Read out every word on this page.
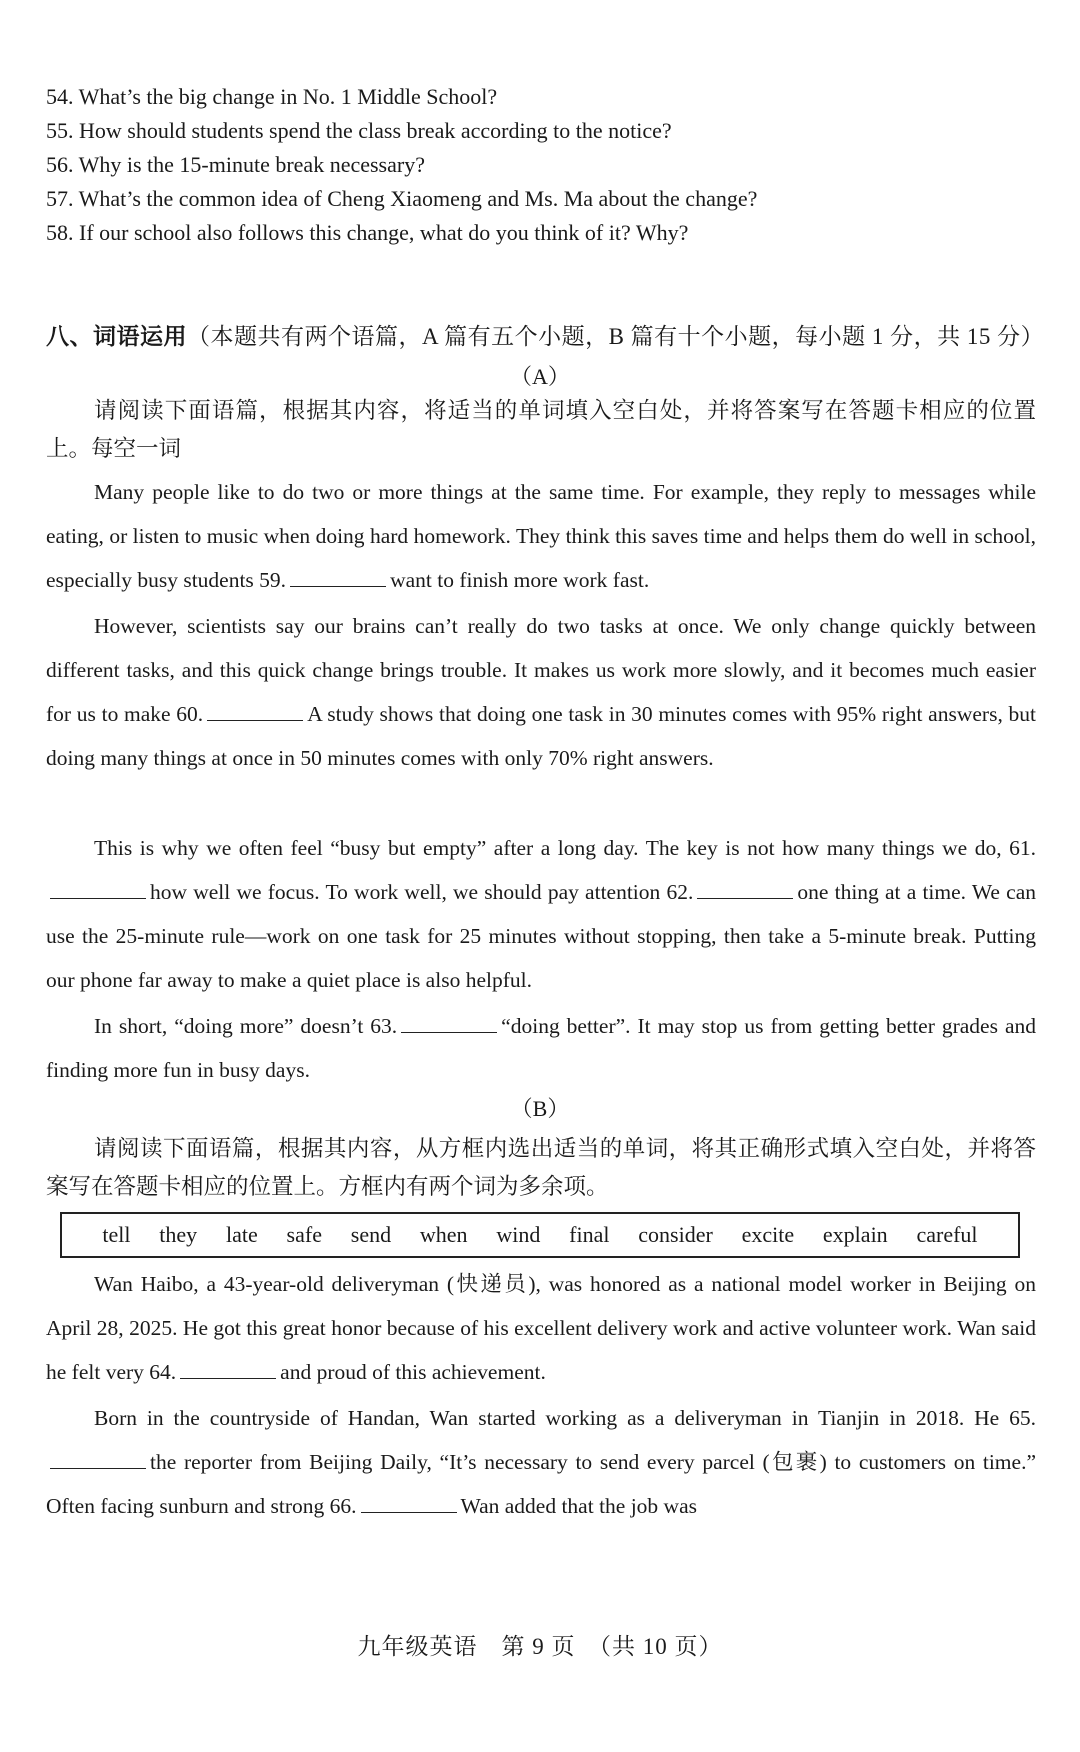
54. What’s the big change in No. 1 Middle School?
55. How should students spend the class break according to the notice?
56. Why is the 15-minute break necessary?
57. What’s the common idea of Cheng Xiaomeng and Ms. Ma about the change?
58. If our school also follows this change, what do you think of it? Why?
八、词语运用（本题共有两个语篇，A 篇有五个小题，B 篇有十个小题，每小题 1 分，共 15 分）
（A）
请阅读下面语篇，根据其内容，将适当的单词填入空白处，并将答案写在答题卡相应的位置上。每空一词
Many people like to do two or more things at the same time. For example, they reply to messages while eating, or listen to music when doing hard homework. They think this saves time and helps them do well in school, especially busy students 59.	want to finish more work fast.
However, scientists say our brains can’t really do two tasks at once. We only change quickly between different tasks, and this quick change brings trouble. It makes us work more slowly, and it becomes much easier for us to make 60.	A study shows that doing one task in 30 minutes comes with 95% right answers, but doing many things at once in 50 minutes comes with only 70% right answers.
This is why we often feel “busy but empty” after a long day. The key is not how many things we do, 61.how well we focus. To work well, we should pay attention 62.	one thing at a time. We can use the 25-minute rule—work on one task for 25 minutes without stopping, then take a 5-minute break. Putting our phone far away to make a quiet place is also helpful.
In short, “doing more” doesn’t 63.	“doing better”. It may stop us from getting better grades and finding more fun in busy days.
（B）
请阅读下面语篇，根据其内容，从方框内选出适当的单词，将其正确形式填入空白处，并将答案写在答题卡相应的位置上。方框内有两个词为多余项。
tell they late safe send when wind final consider excite explain careful
Wan Haibo, a 43-year-old deliveryman (快递员), was honored as a national model worker in Beijing on April 28, 2025. He got this great honor because of his excellent delivery work and active volunteer work. Wan said he felt very 64.	and proud of this achievement.
Born in the countryside of Handan, Wan started working as a deliveryman in Tianjin in 2018. He 65.the reporter from Beijing Daily, “It’s necessary to send every parcel (包裹) to customers on time.” Often facing sunburn and strong 66.	Wan added that the job was
九年级英语　第 9 页　（共 10 页）
